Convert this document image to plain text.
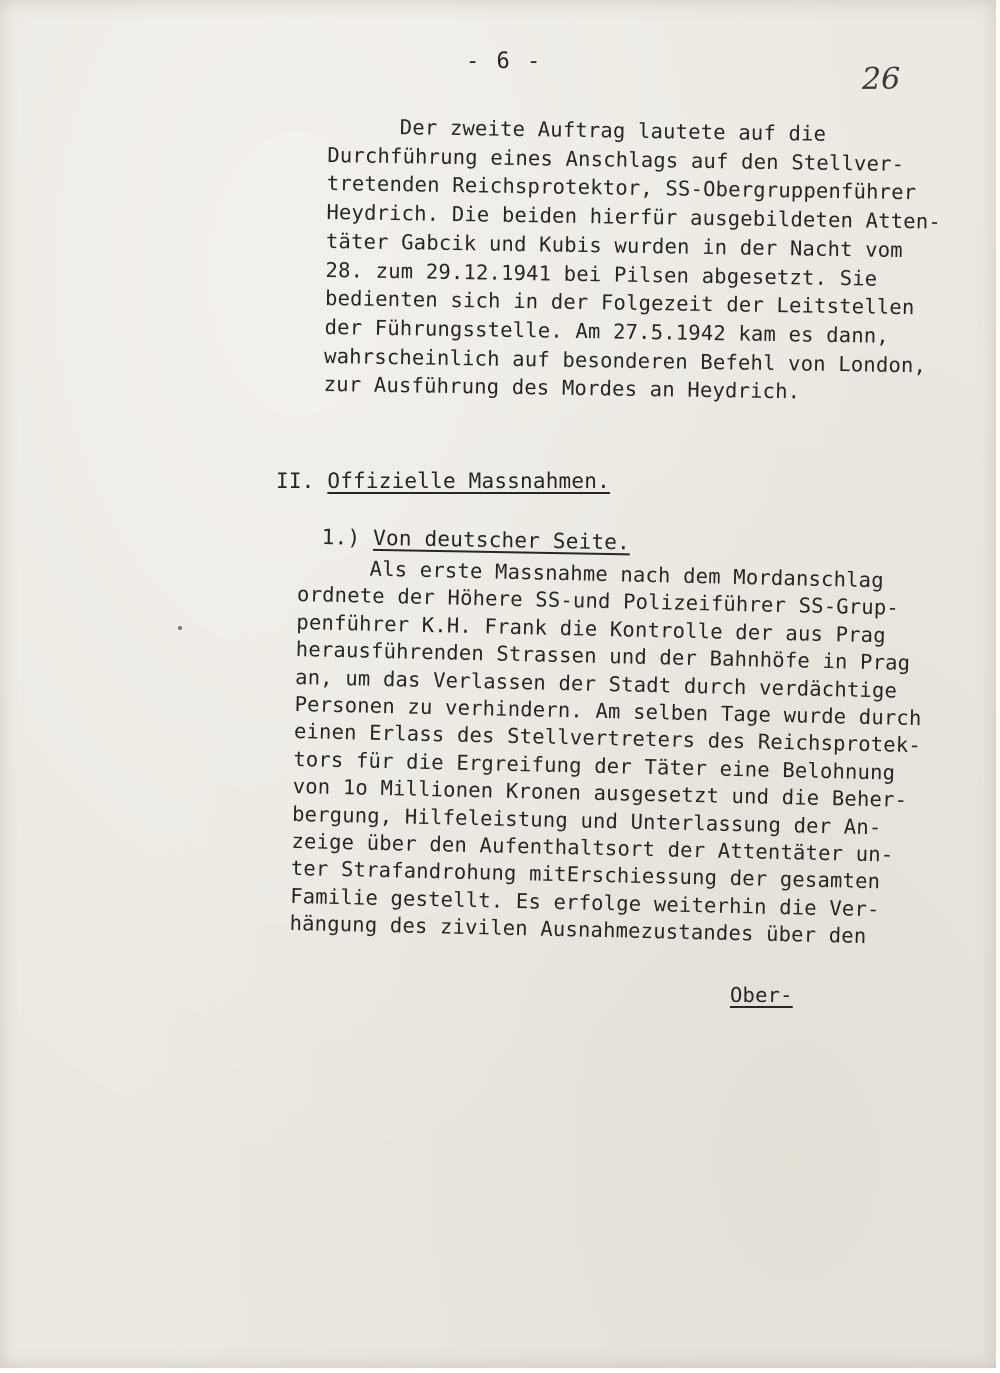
- 6 -

26

Der zweite Auftrag lautete auf die
Durchführung eines Anschlags auf den Stellver-
tretenden Reichsprotektor, SS-Obergruppenführer
Heydrich. Die beiden hierfür ausgebildeten Atten-
täter Gabcik und Kubis wurden in der Nacht vom
28. zum 29.12.1941 bei Pilsen abgesetzt. Sie
bedienten sich in der Folgezeit der Leitstellen
der Führungsstelle. Am 27.5.1942 kam es dann,
wahrscheinlich auf besonderen Befehl von London,
zur Ausführung des Mordes an Heydrich.

II. Offizielle Massnahmen.

1.) Von deutscher Seite.

Als erste Massnahme nach dem Mordanschlag
ordnete der Höhere SS-und Polizeiführer SS-Grup-
penführer K.H. Frank die Kontrolle der aus Prag
herausführenden Strassen und der Bahnhöfe in Prag
an, um das Verlassen der Stadt durch verdächtige
Personen zu verhindern. Am selben Tage wurde durch
einen Erlass des Stellvertreters des Reichsprotek-
tors für die Ergreifung der Täter eine Belohnung
von 1o Millionen Kronen ausgesetzt und die Beher-
bergung, Hilfeleistung und Unterlassung der An-
zeige über den Aufenthaltsort der Attentäter un-
ter Strafandrohung mitErschiessung der gesamten
Familie gestellt. Es erfolge weiterhin die Ver-
hängung des zivilen Ausnahmezustandes über den

Ober-
